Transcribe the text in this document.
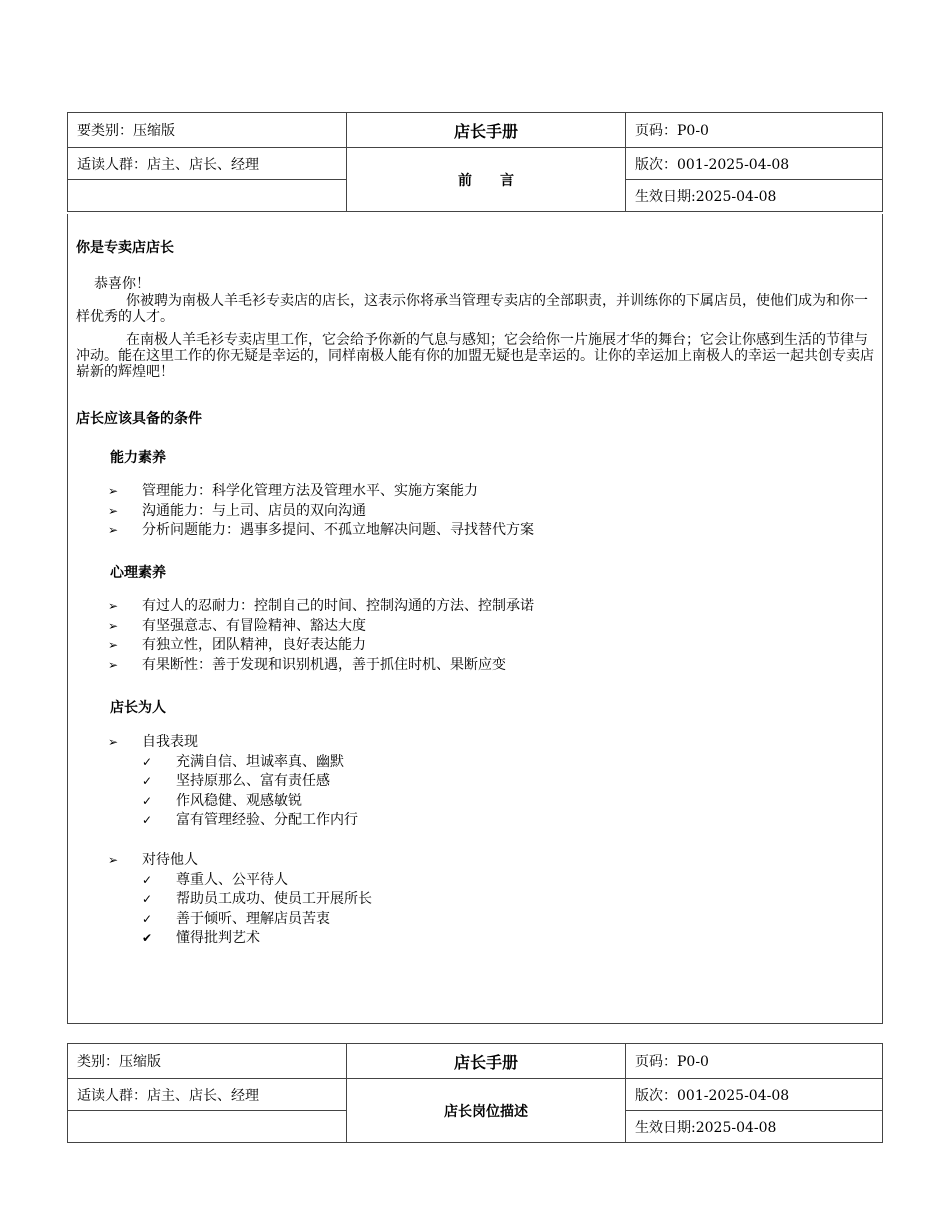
要类别：压缩版	店长手册	页码：P0-0
适读人群：店主、店长、经理	前　　言	版次：001-2025-04-08
		生效日期:2025-04-08
你是专卖店店长
恭喜你！
你被聘为南极人羊毛衫专卖店的店长，这表示你将承当管理专卖店的全部职责，并训练你的下属店员，使他们成为和你一样优秀的人才。
在南极人羊毛衫专卖店里工作，它会给予你新的气息与感知；它会给你一片施展才华的舞台；它会让你感到生活的节律与冲动。能在这里工作的你无疑是幸运的，同样南极人能有你的加盟无疑也是幸运的。让你的幸运加上南极人的幸运一起共创专卖店崭新的辉煌吧！
店长应该具备的条件
能力素养
➢ 管理能力：科学化管理方法及管理水平、实施方案能力
➢ 沟通能力：与上司、店员的双向沟通
➢ 分析问题能力：遇事多提问、不孤立地解决问题、寻找替代方案
心理素养
➢ 有过人的忍耐力：控制自己的时间、控制沟通的方法、控制承诺
➢ 有坚强意志、有冒险精神、豁达大度
➢ 有独立性，团队精神，良好表达能力
➢ 有果断性：善于发现和识别机遇，善于抓住时机、果断应变
店长为人
➢ 自我表现
✓ 充满自信、坦诚率真、幽默
✓ 坚持原那么、富有责任感
✓ 作风稳健、观感敏锐
✓ 富有管理经验、分配工作内行
➢ 对待他人
✓ 尊重人、公平待人
✓ 帮助员工成功、使员工开展所长
✓ 善于倾听、理解店员苦衷
✔ 懂得批判艺术
类别：压缩版	店长手册	页码：P0-0
适读人群：店主、店长、经理	店长岗位描述	版次：001-2025-04-08
		生效日期:2025-04-08
